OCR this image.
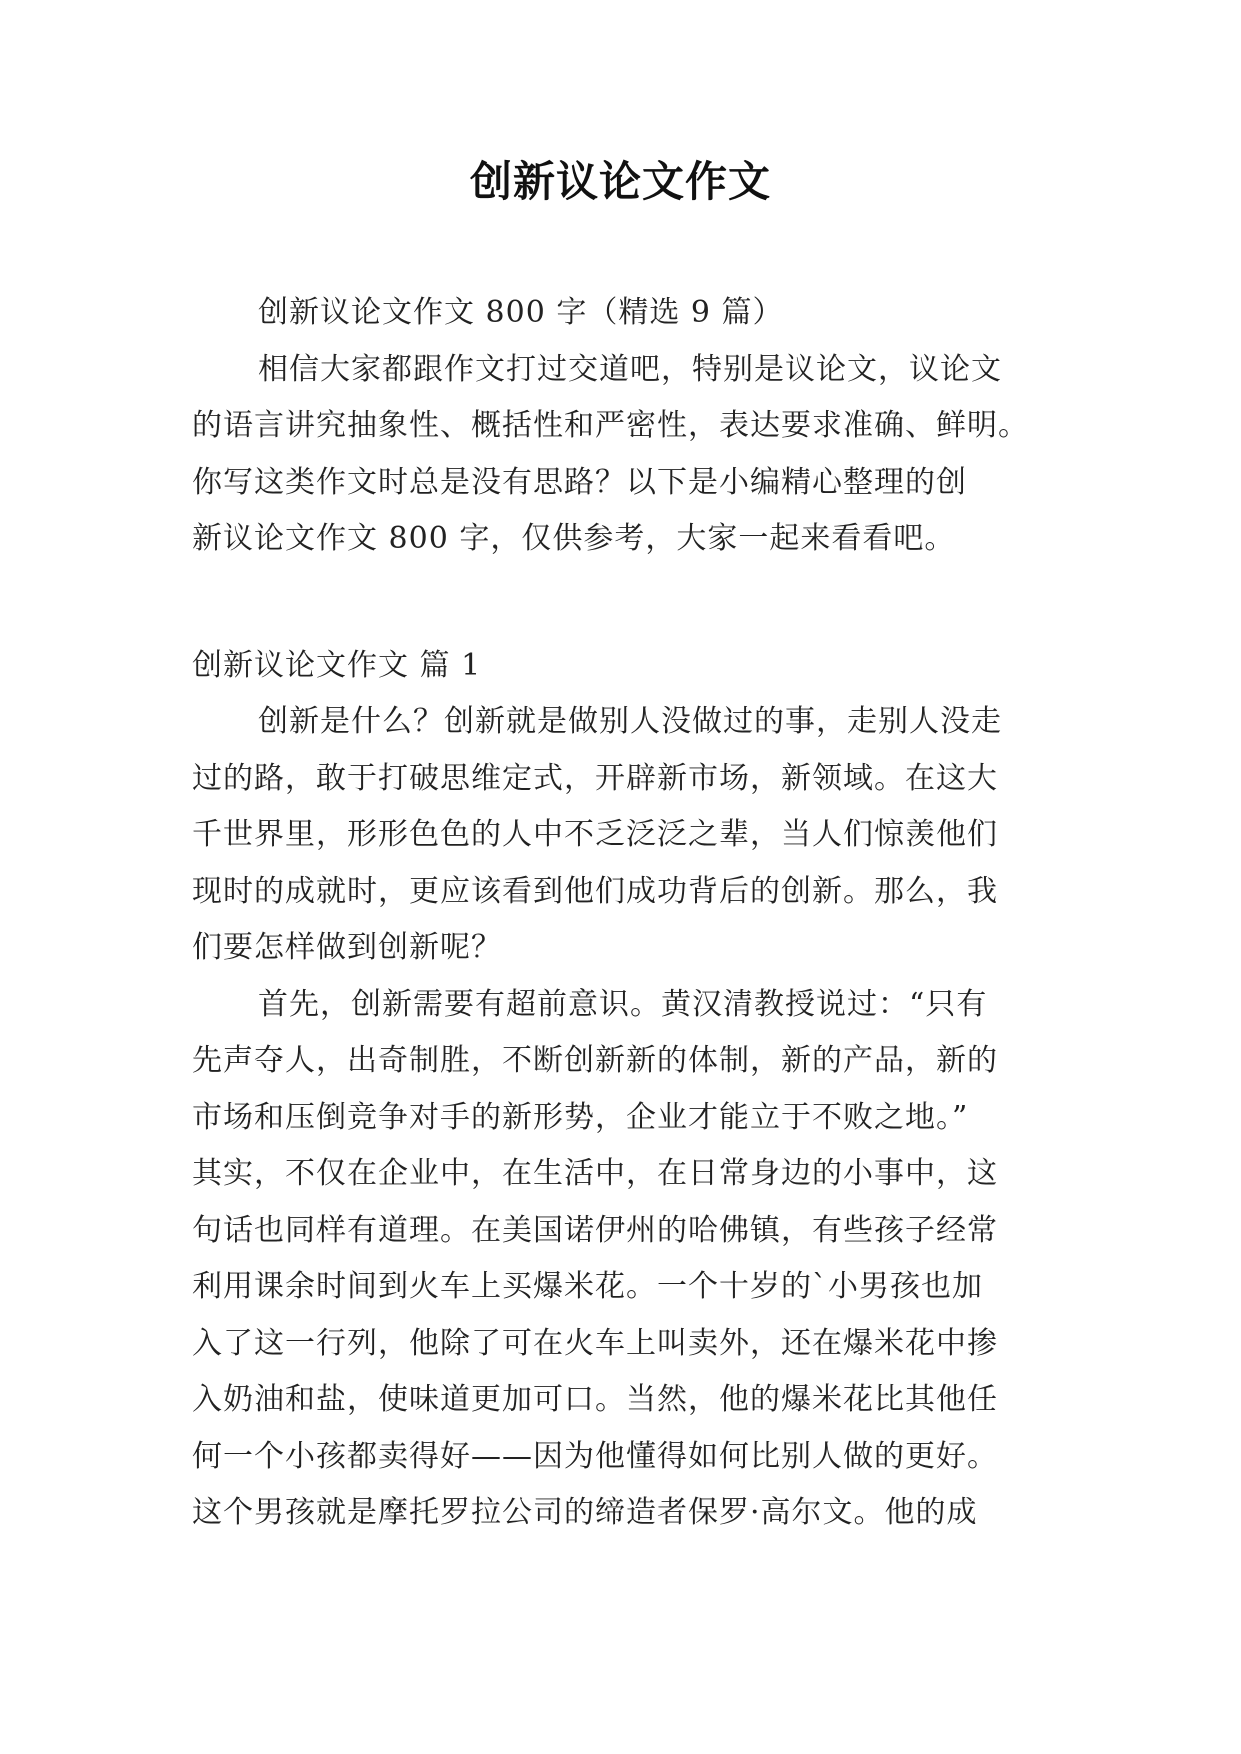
创新议论文作文
创新议论文作文 800 字（精选 9 篇）
相信大家都跟作文打过交道吧，特别是议论文，议论文
的语言讲究抽象性、概括性和严密性，表达要求准确、鲜明。
你写这类作文时总是没有思路？以下是小编精心整理的创
新议论文作文 800 字，仅供参考，大家一起来看看吧。
创新议论文作文 篇 1
创新是什么？创新就是做别人没做过的事，走别人没走
过的路，敢于打破思维定式，开辟新市场，新领域。在这大
千世界里，形形色色的人中不乏泛泛之辈，当人们惊羡他们
现时的成就时，更应该看到他们成功背后的创新。那么，我
们要怎样做到创新呢？
首先，创新需要有超前意识。黄汉清教授说过：“只有
先声夺人，出奇制胜，不断创新新的体制，新的产品，新的
市场和压倒竞争对手的新形势，企业才能立于不败之地。”
其实，不仅在企业中，在生活中，在日常身边的小事中，这
句话也同样有道理。在美国诺伊州的哈佛镇，有些孩子经常
利用课余时间到火车上买爆米花。一个十岁的`小男孩也加
入了这一行列，他除了可在火车上叫卖外，还在爆米花中掺
入奶油和盐，使味道更加可口。当然，他的爆米花比其他任
何一个小孩都卖得好——因为他懂得如何比别人做的更好。
这个男孩就是摩托罗拉公司的缔造者保罗·高尔文。他的成
